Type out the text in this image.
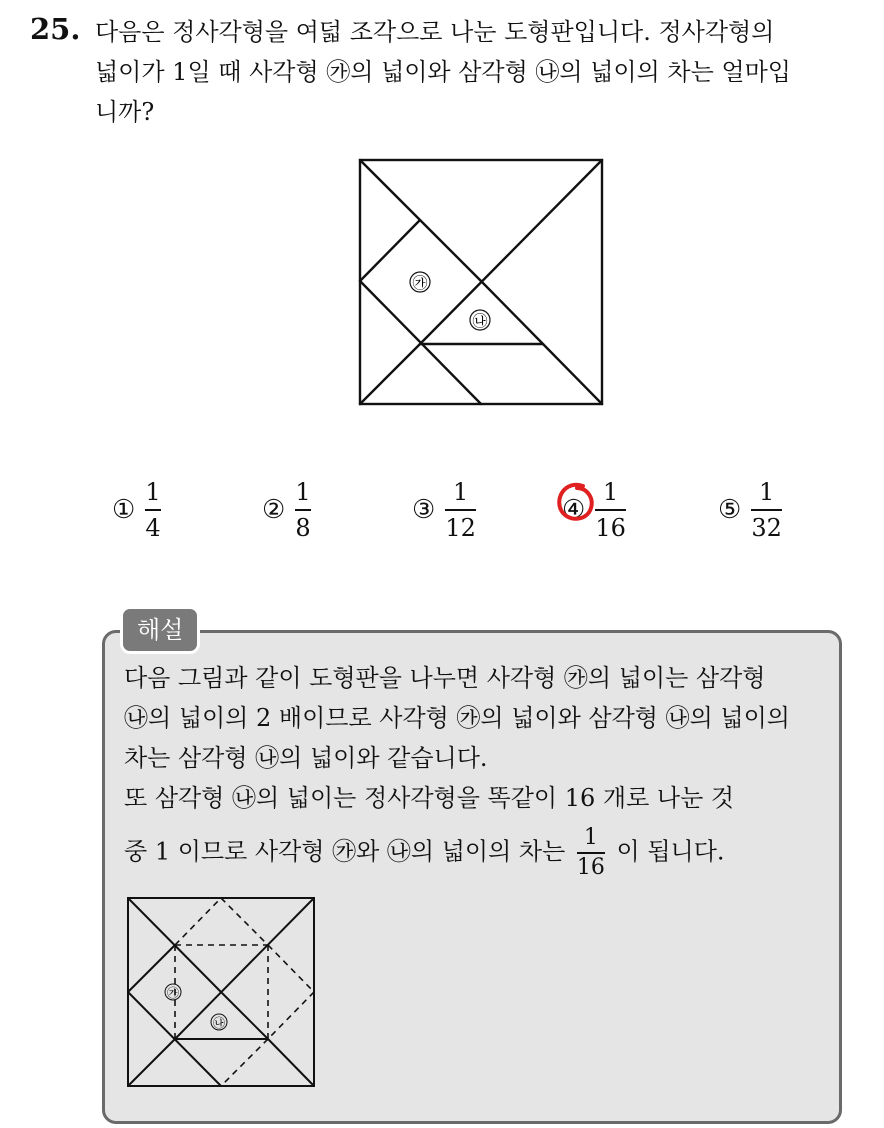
25. 다음은 정사각형을 여덟 조각으로 나눈 도형판입니다. 정사각형의
넓이가 1일 때 사각형 ㉮의 넓이와 삼각형 ㉯의 넓이의 차는 얼마입
니까?
㉮
㉯
① $\frac{1}{4}$	② $\frac{1}{8}$	③ $\frac{1}{12}$	④ $\frac{1}{16}$	⑤ $\frac{1}{32}$
해설
다음 그림과 같이 도형판을 나누면 사각형 ㉮의 넓이는 삼각형
㉯의 넓이의 2 배이므로 사각형 ㉮의 넓이와 삼각형 ㉯의 넓이의
차는 삼각형 ㉯의 넓이와 같습니다.
또 삼각형 ㉯의 넓이는 정사각형을 똑같이 16 개로 나눈 것
중 1 이므로 사각형 ㉮와 ㉯의 넓이의 차는 $\frac{1}{16}$ 이 됩니다.
㉮
㉯
